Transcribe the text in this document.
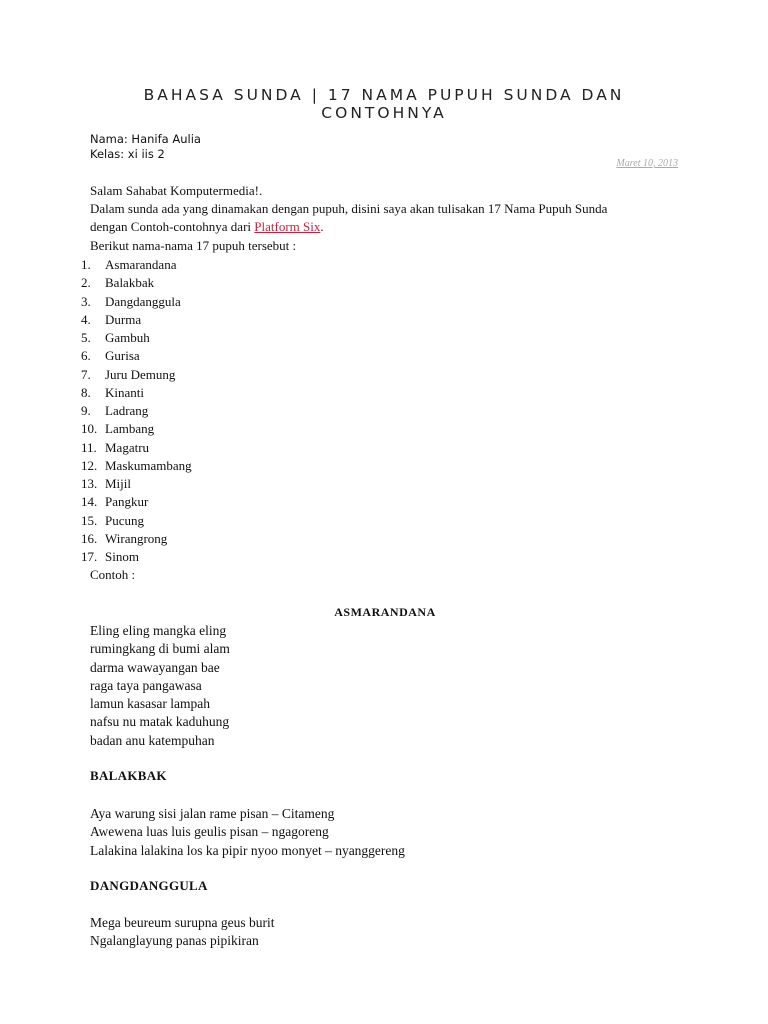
BAHASA SUNDA | 17 NAMA PUPUH SUNDA DAN
CONTOHNYA
Nama: Hanifa Aulia
Kelas: xi iis 2
Maret 10, 2013

Salam Sahabat Komputermedia!.

Dalam sunda ada yang dinamakan dengan pupuh, disini saya akan tulisakan 17 Nama Pupuh Sunda

dengan Contoh-contohnya dari Platform Six.

Berikut nama-nama 17 pupuh tersebut :

1.	Asmarandana
2.	Balakbak
3.	Dangdanggula
4.	Durma
5.	Gambuh
6.	Gurisa
7.	Juru Demung
8.	Kinanti
9.	Ladrang
10. Lambang
11. Magatru
12. Maskumambang
13. Mijil
14. Pangkur
15. Pucung
16. Wirangrong
17. Sinom
Contoh :
ASMARANDANA
Eling eling mangka eling
rumingkang di bumi alam
darma wawayangan bae
raga taya pangawasa
lamun kasasar lampah
nafsu nu matak kaduhung
badan anu katempuhan
BALAKBAK
Aya warung sisi jalan rame pisan – Citameng
Awewena luas luis geulis pisan – ngagoreng
Lalakina lalakina los ka pipir nyoo monyet – nyanggereng
DANGDANGGULA
Mega beureum surupna geus burit
Ngalanglayung panas pipikiran
